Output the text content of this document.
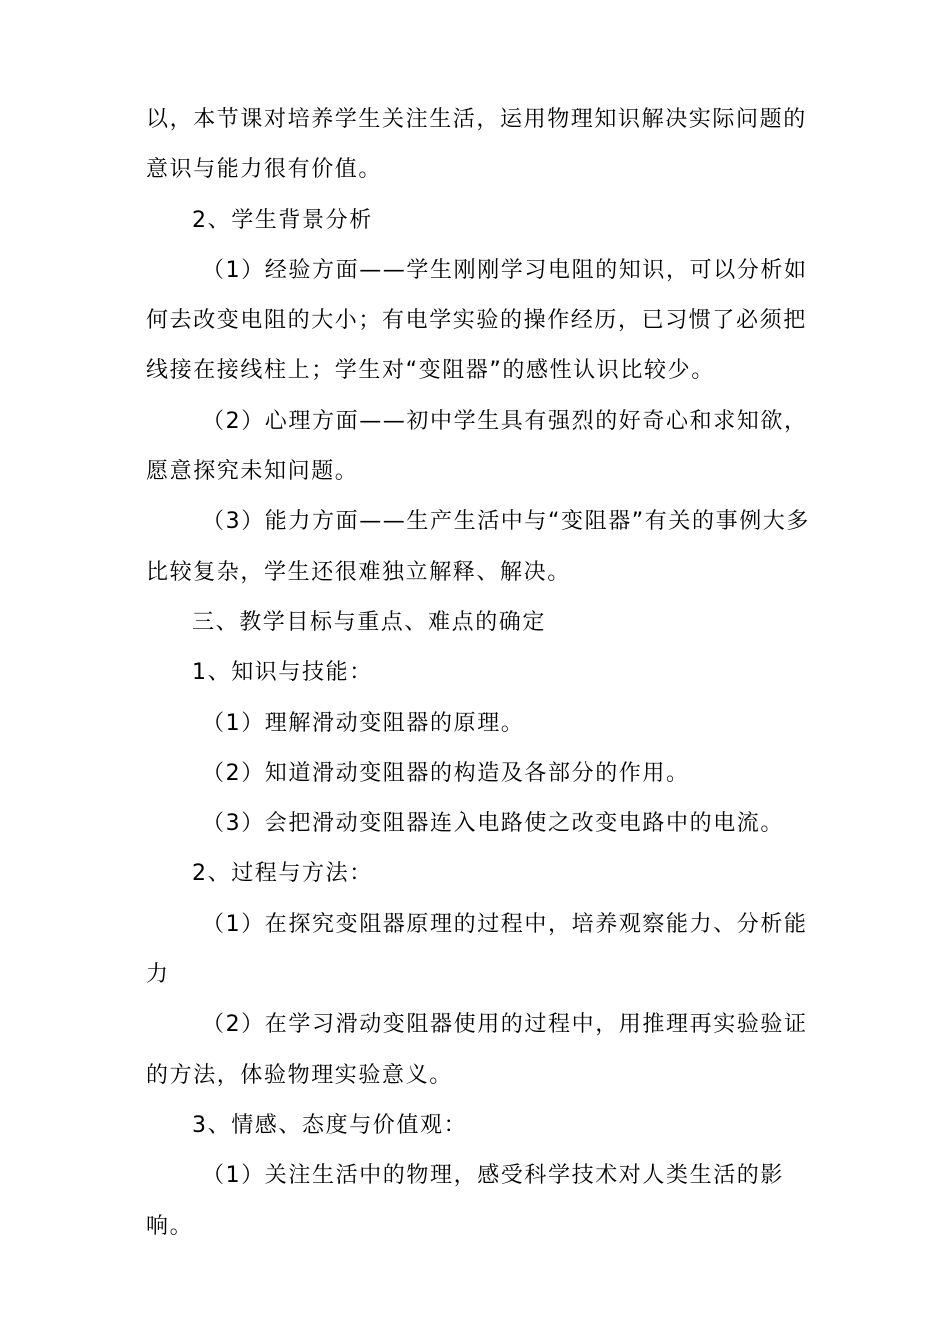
以，本节课对培养学生关注生活，运用物理知识解决实际问题的意识与能力很有价值。

2、学生背景分析

（1）经验方面——学生刚刚学习电阻的知识，可以分析如何去改变电阻的大小；有电学实验的操作经历，已习惯了必须把线接在接线柱上；学生对“变阻器”的感性认识比较少。

（2）心理方面——初中学生具有强烈的好奇心和求知欲，愿意探究未知问题。

（3）能力方面——生产生活中与“变阻器”有关的事例大多比较复杂，学生还很难独立解释、解决。

三、教学目标与重点、难点的确定

1、知识与技能：

（1）理解滑动变阻器的原理。

（2）知道滑动变阻器的构造及各部分的作用。

（3）会把滑动变阻器连入电路使之改变电路中的电流。

2、过程与方法：

（1）在探究变阻器原理的过程中，培养观察能力、分析能力

（2）在学习滑动变阻器使用的过程中，用推理再实验验证的方法，体验物理实验意义。

3、情感、态度与价值观：

（1）关注生活中的物理，感受科学技术对人类生活的影响。
